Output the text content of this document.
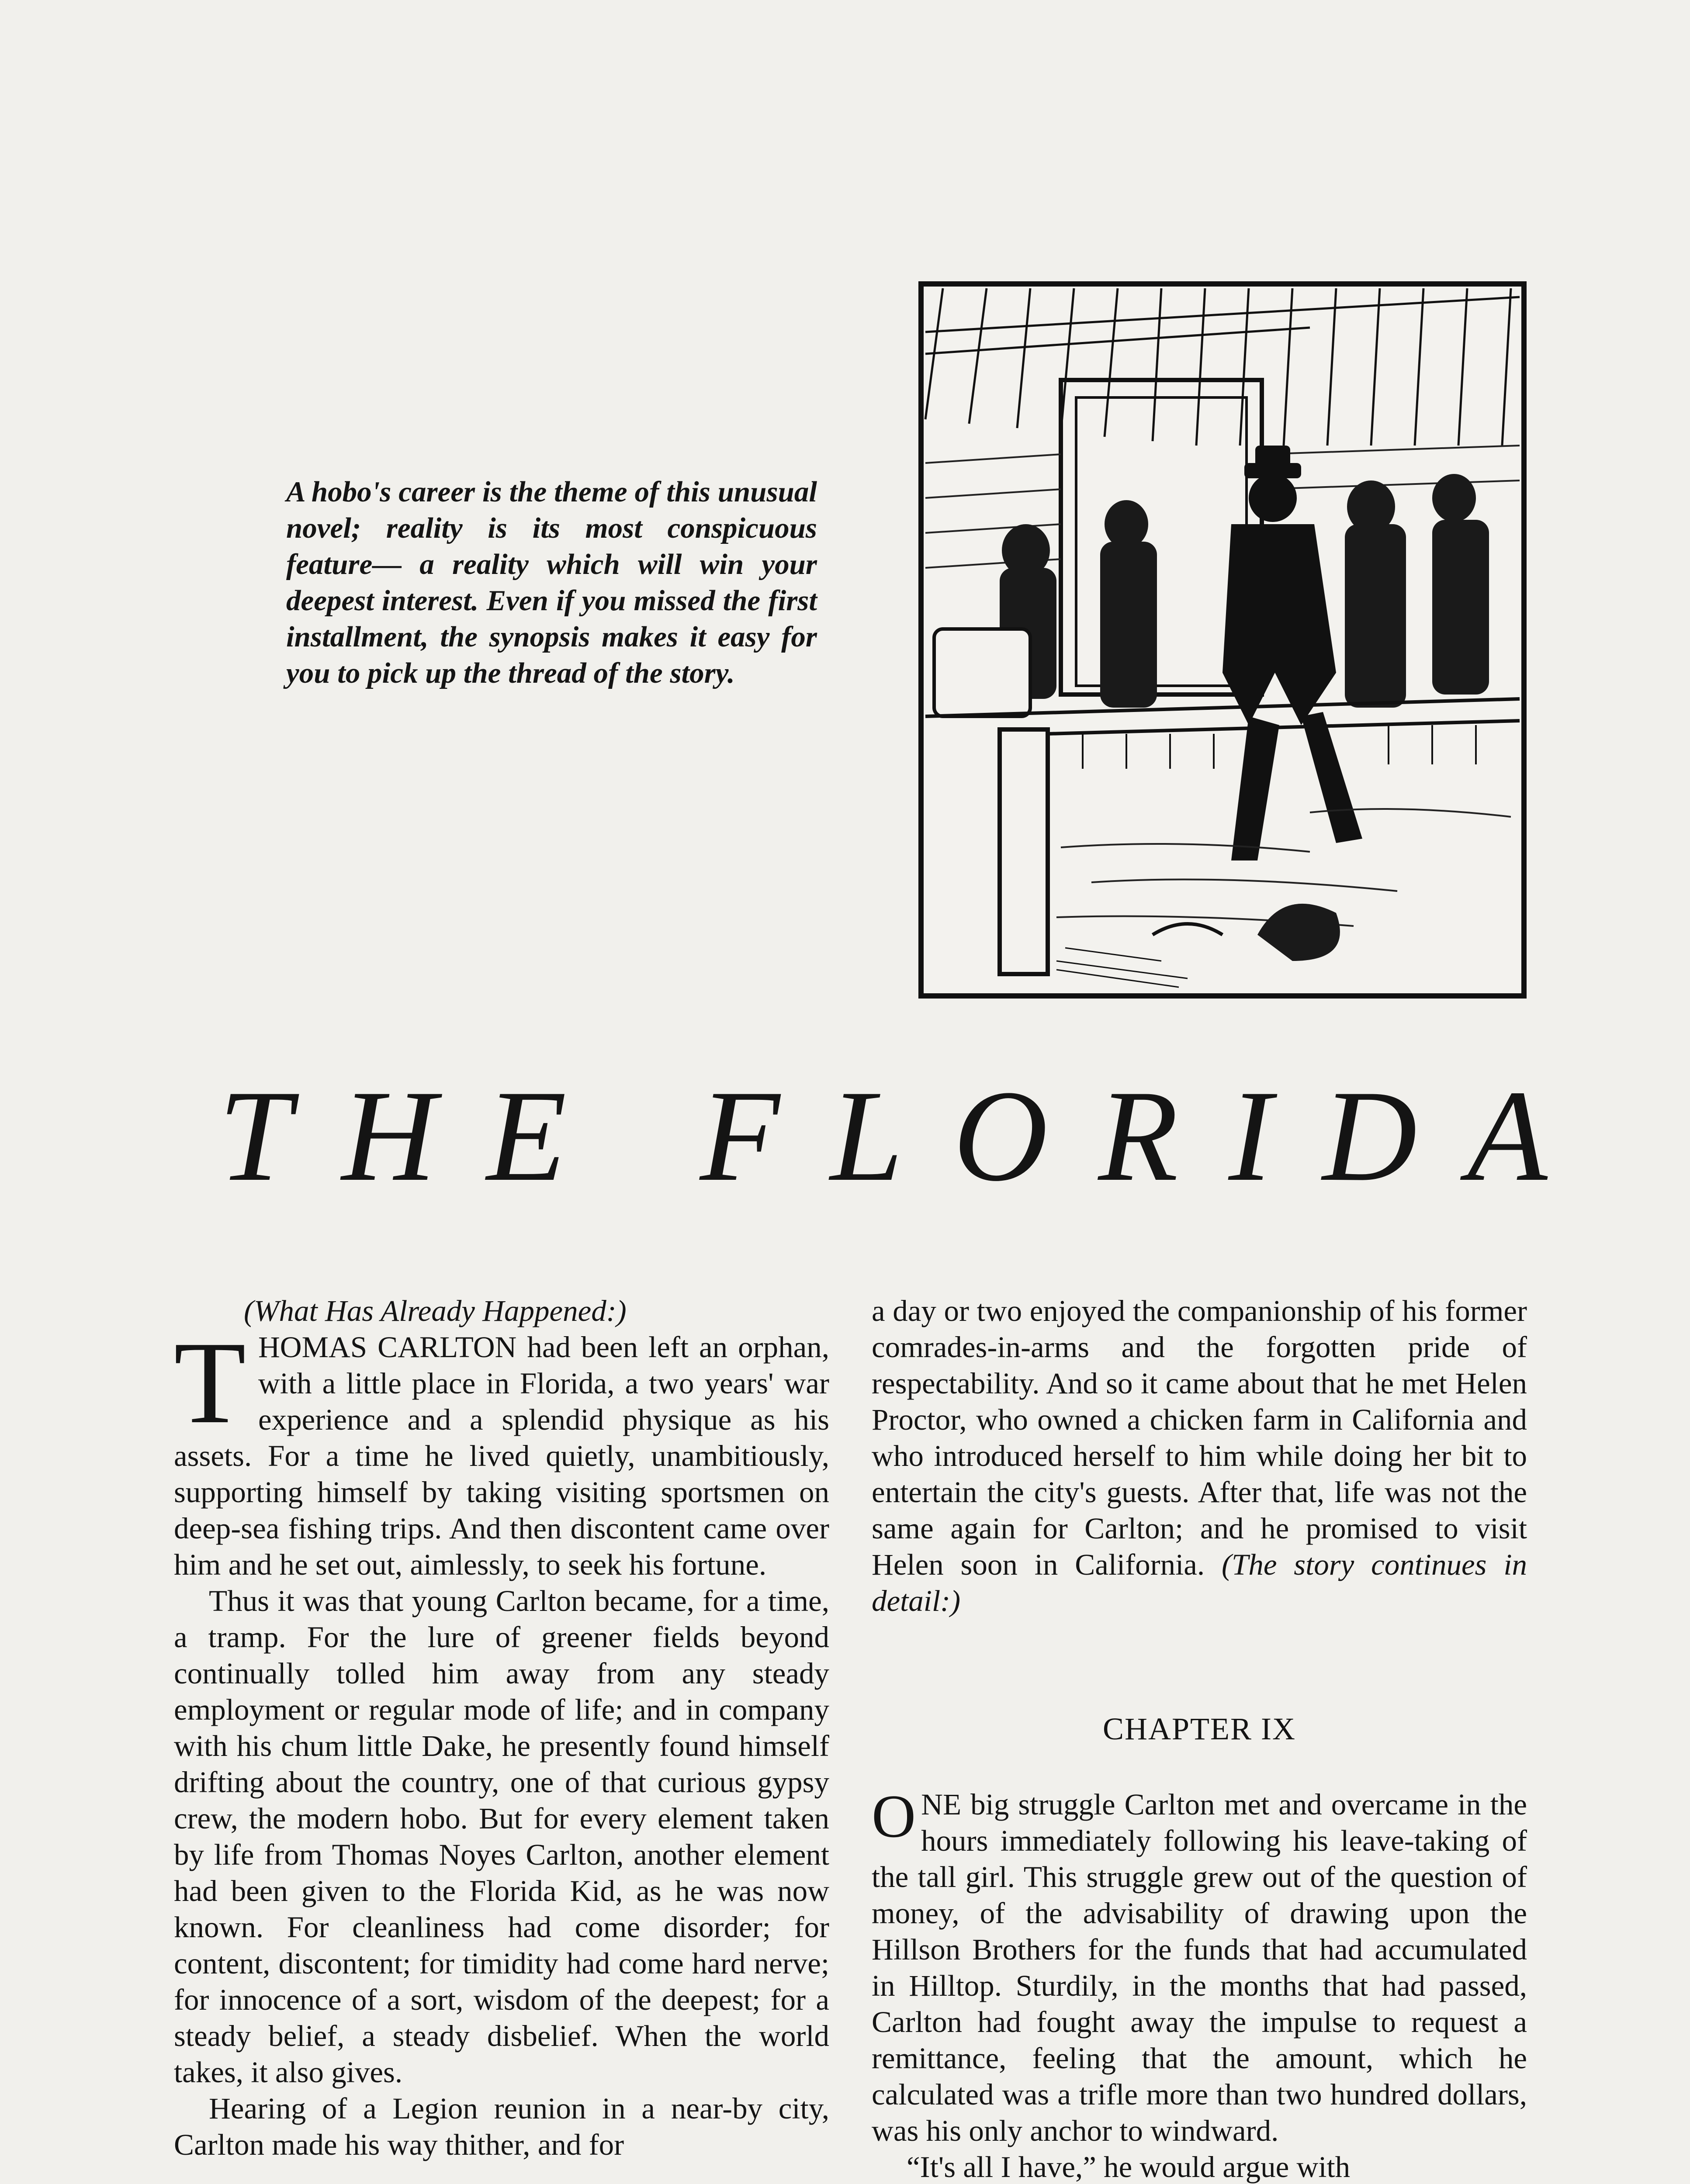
A hobo's career is the theme of this unusual novel; reality is its most conspicuous feature— a reality which will win your deepest interest. Even if you missed the first installment, the synopsis makes it easy for you to pick up the thread of the story.
THE FLORIDA
(What Has Already Happened:)

THOMAS CARLTON had been left an orphan, with a little place in Florida, a two years' war experience and a splendid physique as his assets. For a time he lived quietly, unambitiously, supporting himself by taking visiting sportsmen on deep-sea fishing trips. And then discontent came over him and he set out, aimlessly, to seek his fortune.

Thus it was that young Carlton became, for a time, a tramp. For the lure of greener fields beyond continually tolled him away from any steady employment or regular mode of life; and in company with his chum little Dake, he presently found himself drifting about the country, one of that curious gypsy crew, the modern hobo. But for every element taken by life from Thomas Noyes Carlton, another element had been given to the Florida Kid, as he was now known. For cleanliness had come disorder; for content, discontent; for timidity had come hard nerve; for innocence of a sort, wisdom of the deepest; for a steady belief, a steady disbelief. When the world takes, it also gives.

Hearing of a Legion reunion in a near-by city, Carlton made his way thither, and for

a day or two enjoyed the companionship of his former comrades-in-arms and the forgotten pride of respectability. And so it came about that he met Helen Proctor, who owned a chicken farm in California and who introduced herself to him while doing her bit to entertain the city's guests. After that, life was not the same again for Carlton; and he promised to visit Helen soon in California. (The story continues in detail:)

CHAPTER IX

ONE big struggle Carlton met and overcame in the hours immediately following his leave-taking of the tall girl. This struggle grew out of the question of money, of the advisability of drawing upon the Hillson Brothers for the funds that had accumulated in Hilltop. Sturdily, in the months that had passed, Carlton had fought away the impulse to request a remittance, feeling that the amount, which he calculated was a trifle more than two hundred dollars, was his only anchor to windward.

“It's all I have,” he would argue with
